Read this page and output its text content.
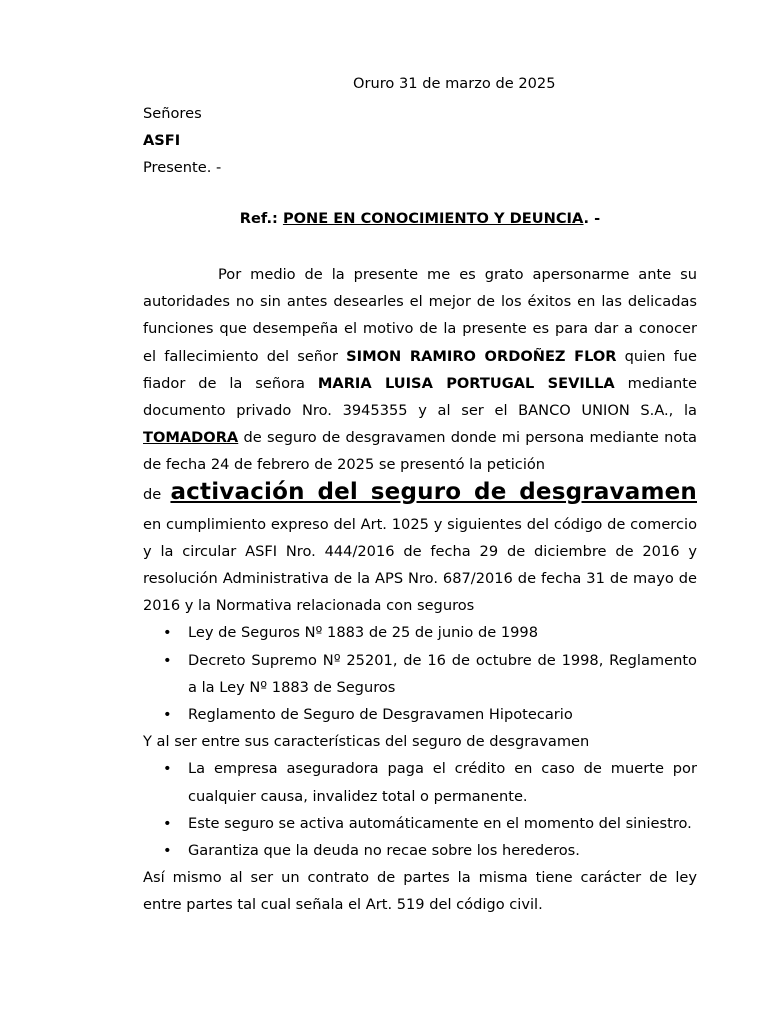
Oruro 31 de marzo de 2025
Señores
ASFI
Presente. -
Ref.: PONE EN CONOCIMIENTO Y DEUNCIA. -

Por medio de la presente me es grato apersonarme ante su autoridades no sin antes desearles el mejor de los éxitos en las delicadas funciones que desempeña el motivo de la presente es para dar a conocer el fallecimiento del señor SIMON RAMIRO ORDOÑEZ FLOR quien fue fiador de la señora MARIA LUISA PORTUGAL SEVILLA mediante documento privado Nro. 3945355 y al ser el BANCO UNION S.A., la TOMADORA de seguro de desgravamen donde mi persona mediante nota de fecha 24 de febrero de 2025 se presentó la petición

de activación del seguro de desgravamen en cumplimiento expreso del Art. 1025 y siguientes del código de comercio y la circular ASFI Nro. 444/2016 de fecha 29 de diciembre de 2016 y resolución Administrativa de la APS Nro. 687/2016 de fecha 31 de mayo de 2016 y la Normativa relacionada con seguros

• Ley de Seguros Nº 1883 de 25 de junio de 1998
• Decreto Supremo Nº 25201, de 16 de octubre de 1998, Reglamento a la Ley Nº 1883 de Seguros
• Reglamento de Seguro de Desgravamen Hipotecario

Y al ser entre sus características del seguro de desgravamen

• La empresa aseguradora paga el crédito en caso de muerte por cualquier causa, invalidez total o permanente.
• Este seguro se activa automáticamente en el momento del siniestro.
• Garantiza que la deuda no recae sobre los herederos.

Así mismo al ser un contrato de partes la misma tiene carácter de ley entre partes tal cual señala el Art. 519 del código civil.
